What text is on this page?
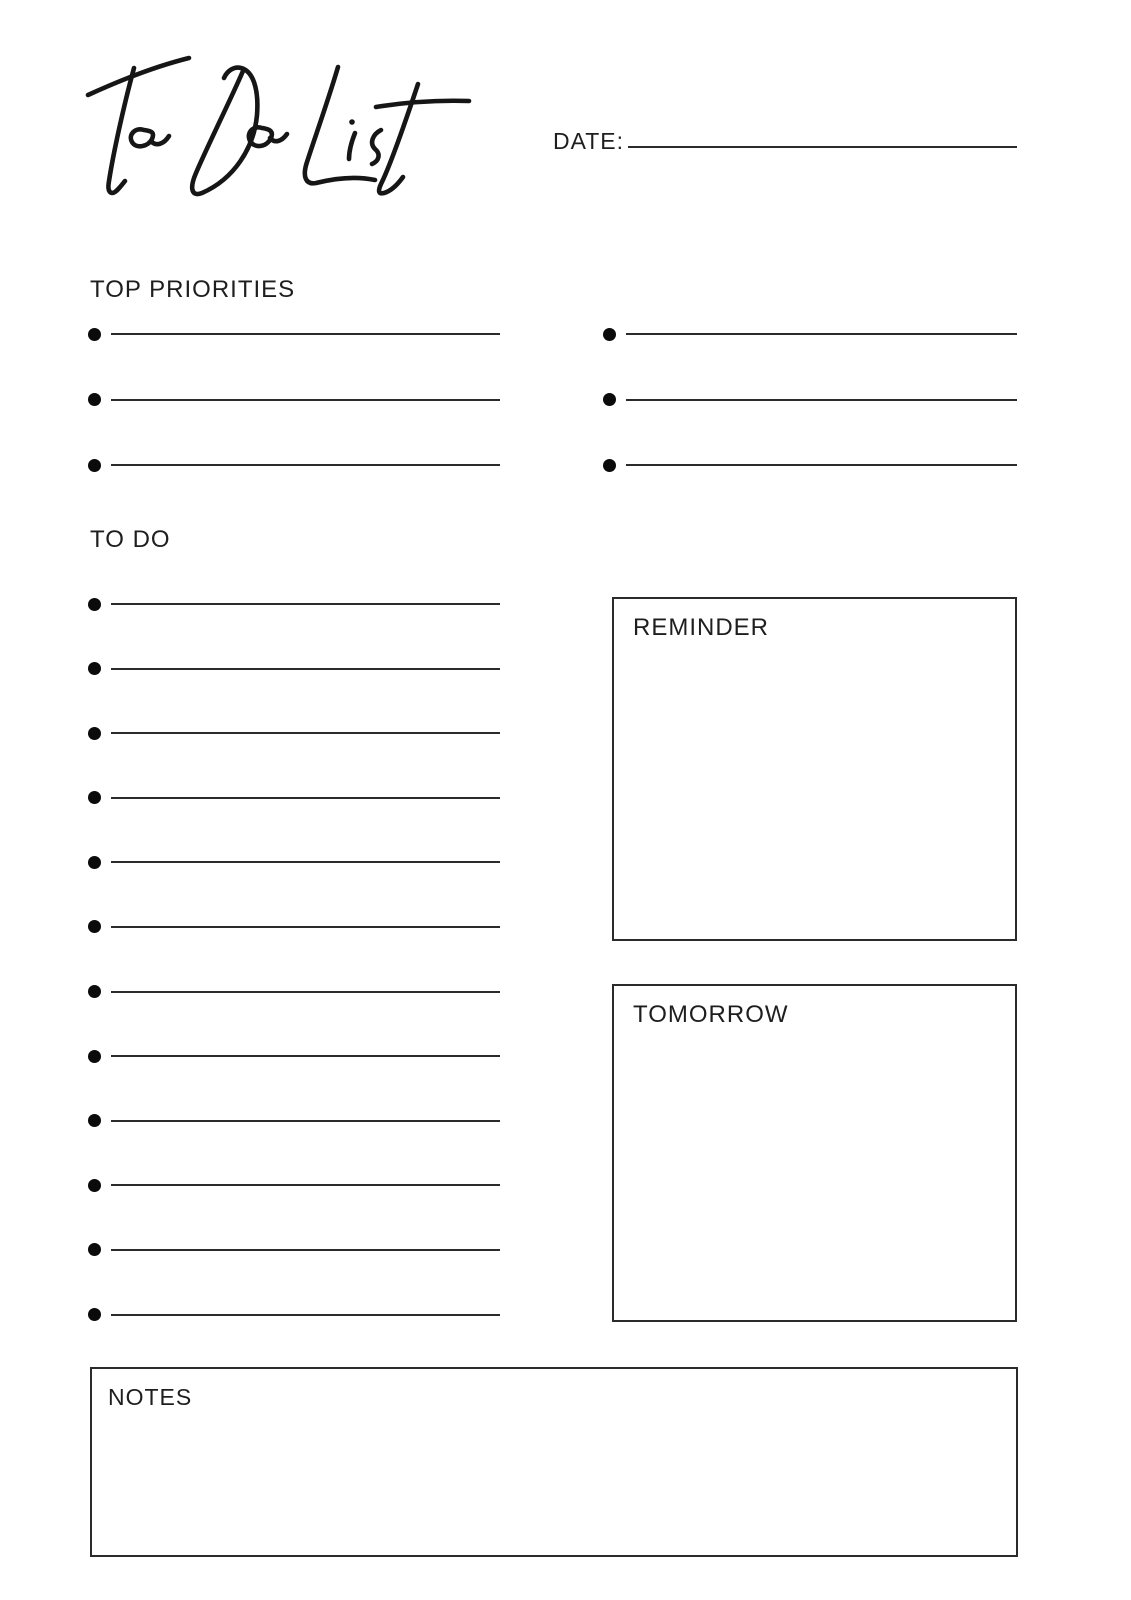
DATE:
TOP PRIORITIES
TO DO
REMINDER
TOMORROW
NOTES
